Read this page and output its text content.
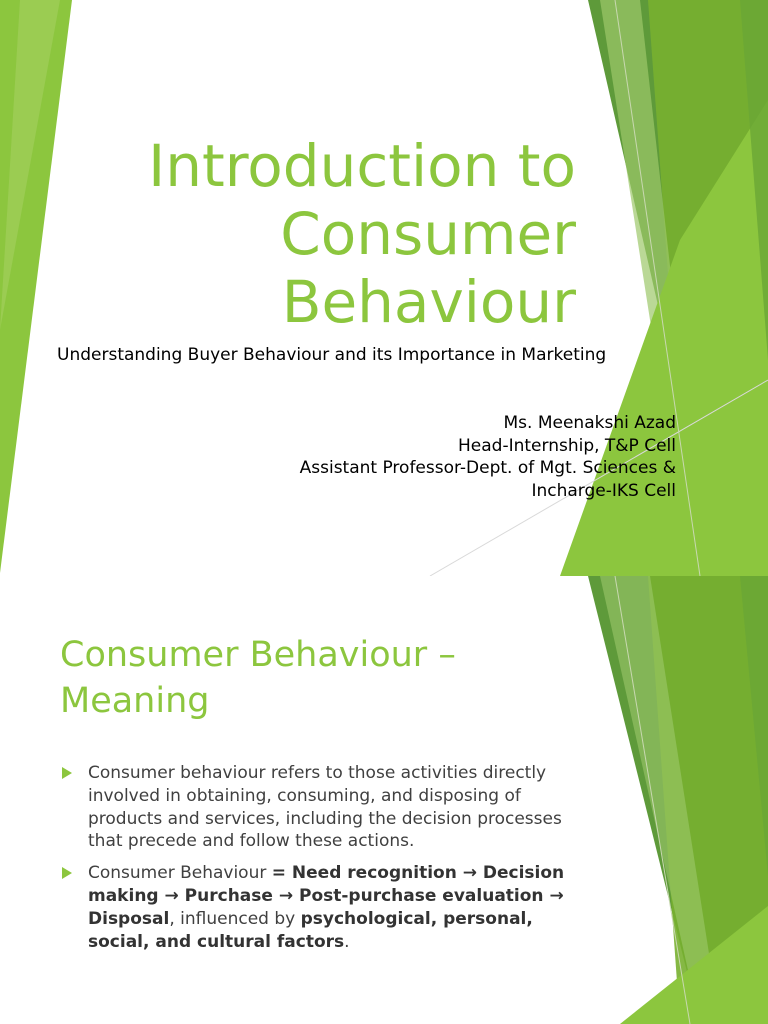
Introduction to
Consumer
Behaviour
Understanding Buyer Behaviour and its Importance in Marketing
Ms. Meenakshi Azad
Head-Internship, T&P Cell
Assistant Professor-Dept. of Mgt. Sciences &
Incharge-IKS Cell
Consumer Behaviour –
Meaning
Consumer behaviour refers to those activities directly involved in obtaining, consuming, and disposing of products and services, including the decision processes that precede and follow these actions.
Consumer Behaviour = Need recognition → Decision making → Purchase → Post-purchase evaluation → Disposal, influenced by psychological, personal, social, and cultural factors.
